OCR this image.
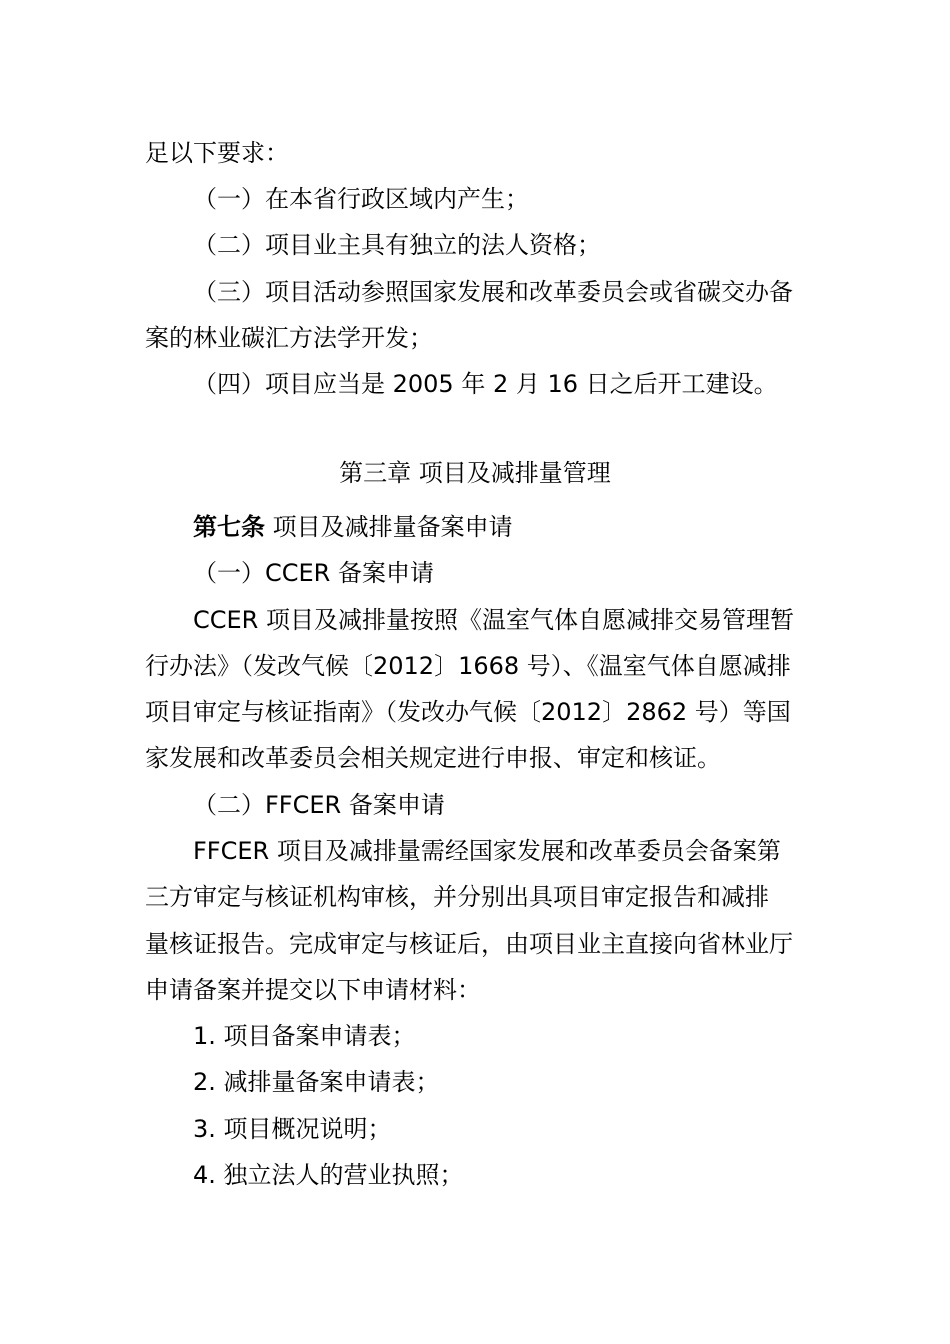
足以下要求：
（一）在本省行政区域内产生；
（二）项目业主具有独立的法人资格；
（三）项目活动参照国家发展和改革委员会或省碳交办备
案的林业碳汇方法学开发；
（四）项目应当是 2005 年 2 月 16 日之后开工建设。
第三章 项目及减排量管理
第七条 项目及减排量备案申请
（一）CCER 备案申请
CCER 项目及减排量按照《温室气体自愿减排交易管理暂
行办法》（发改气候〔2012〕1668 号）、《温室气体自愿减排
项目审定与核证指南》（发改办气候〔2012〕2862 号）等国
家发展和改革委员会相关规定进行申报、审定和核证。
（二）FFCER 备案申请
FFCER 项目及减排量需经国家发展和改革委员会备案第
三方审定与核证机构审核，并分别出具项目审定报告和减排
量核证报告。完成审定与核证后，由项目业主直接向省林业厅
申请备案并提交以下申请材料：
1. 项目备案申请表；
2. 减排量备案申请表；
3. 项目概况说明；
4. 独立法人的营业执照；
